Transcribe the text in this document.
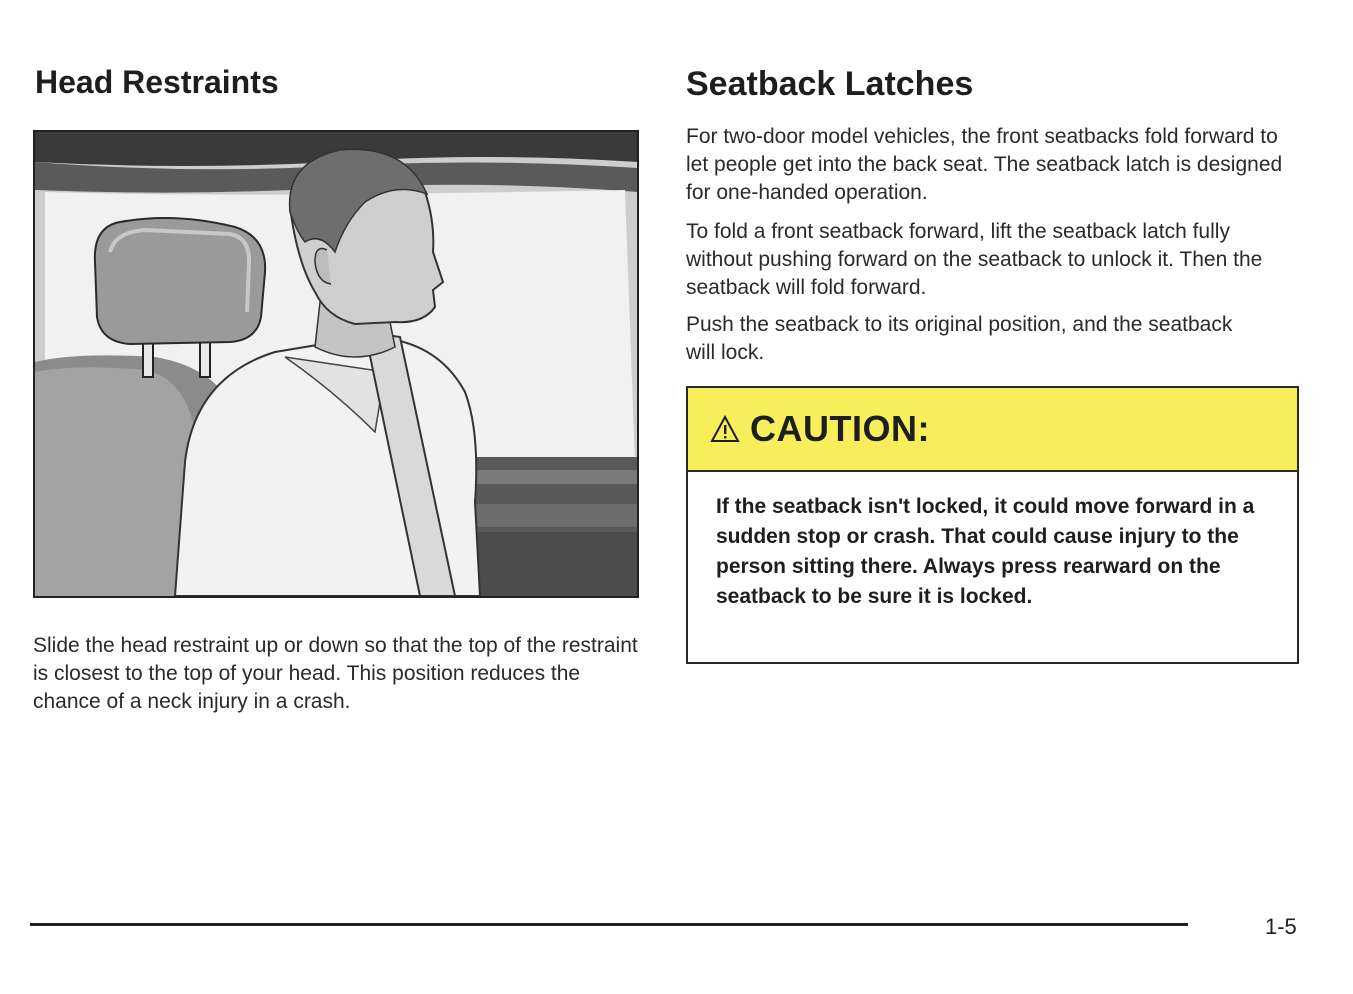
Head Restraints

Slide the head restraint up or down so that the top of the restraint is closest to the top of your head. This position reduces the chance of a neck injury in a crash.

Seatback Latches

For two-door model vehicles, the front seatbacks fold forward to let people get into the back seat. The seatback latch is designed for one-handed operation.

To fold a front seatback forward, lift the seatback latch fully without pushing forward on the seatback to unlock it. Then the seatback will fold forward.

Push the seatback to its original position, and the seatback will lock.

CAUTION:

If the seatback isn't locked, it could move forward in a sudden stop or crash. That could cause injury to the person sitting there. Always press rearward on the seatback to be sure it is locked.

1-5
